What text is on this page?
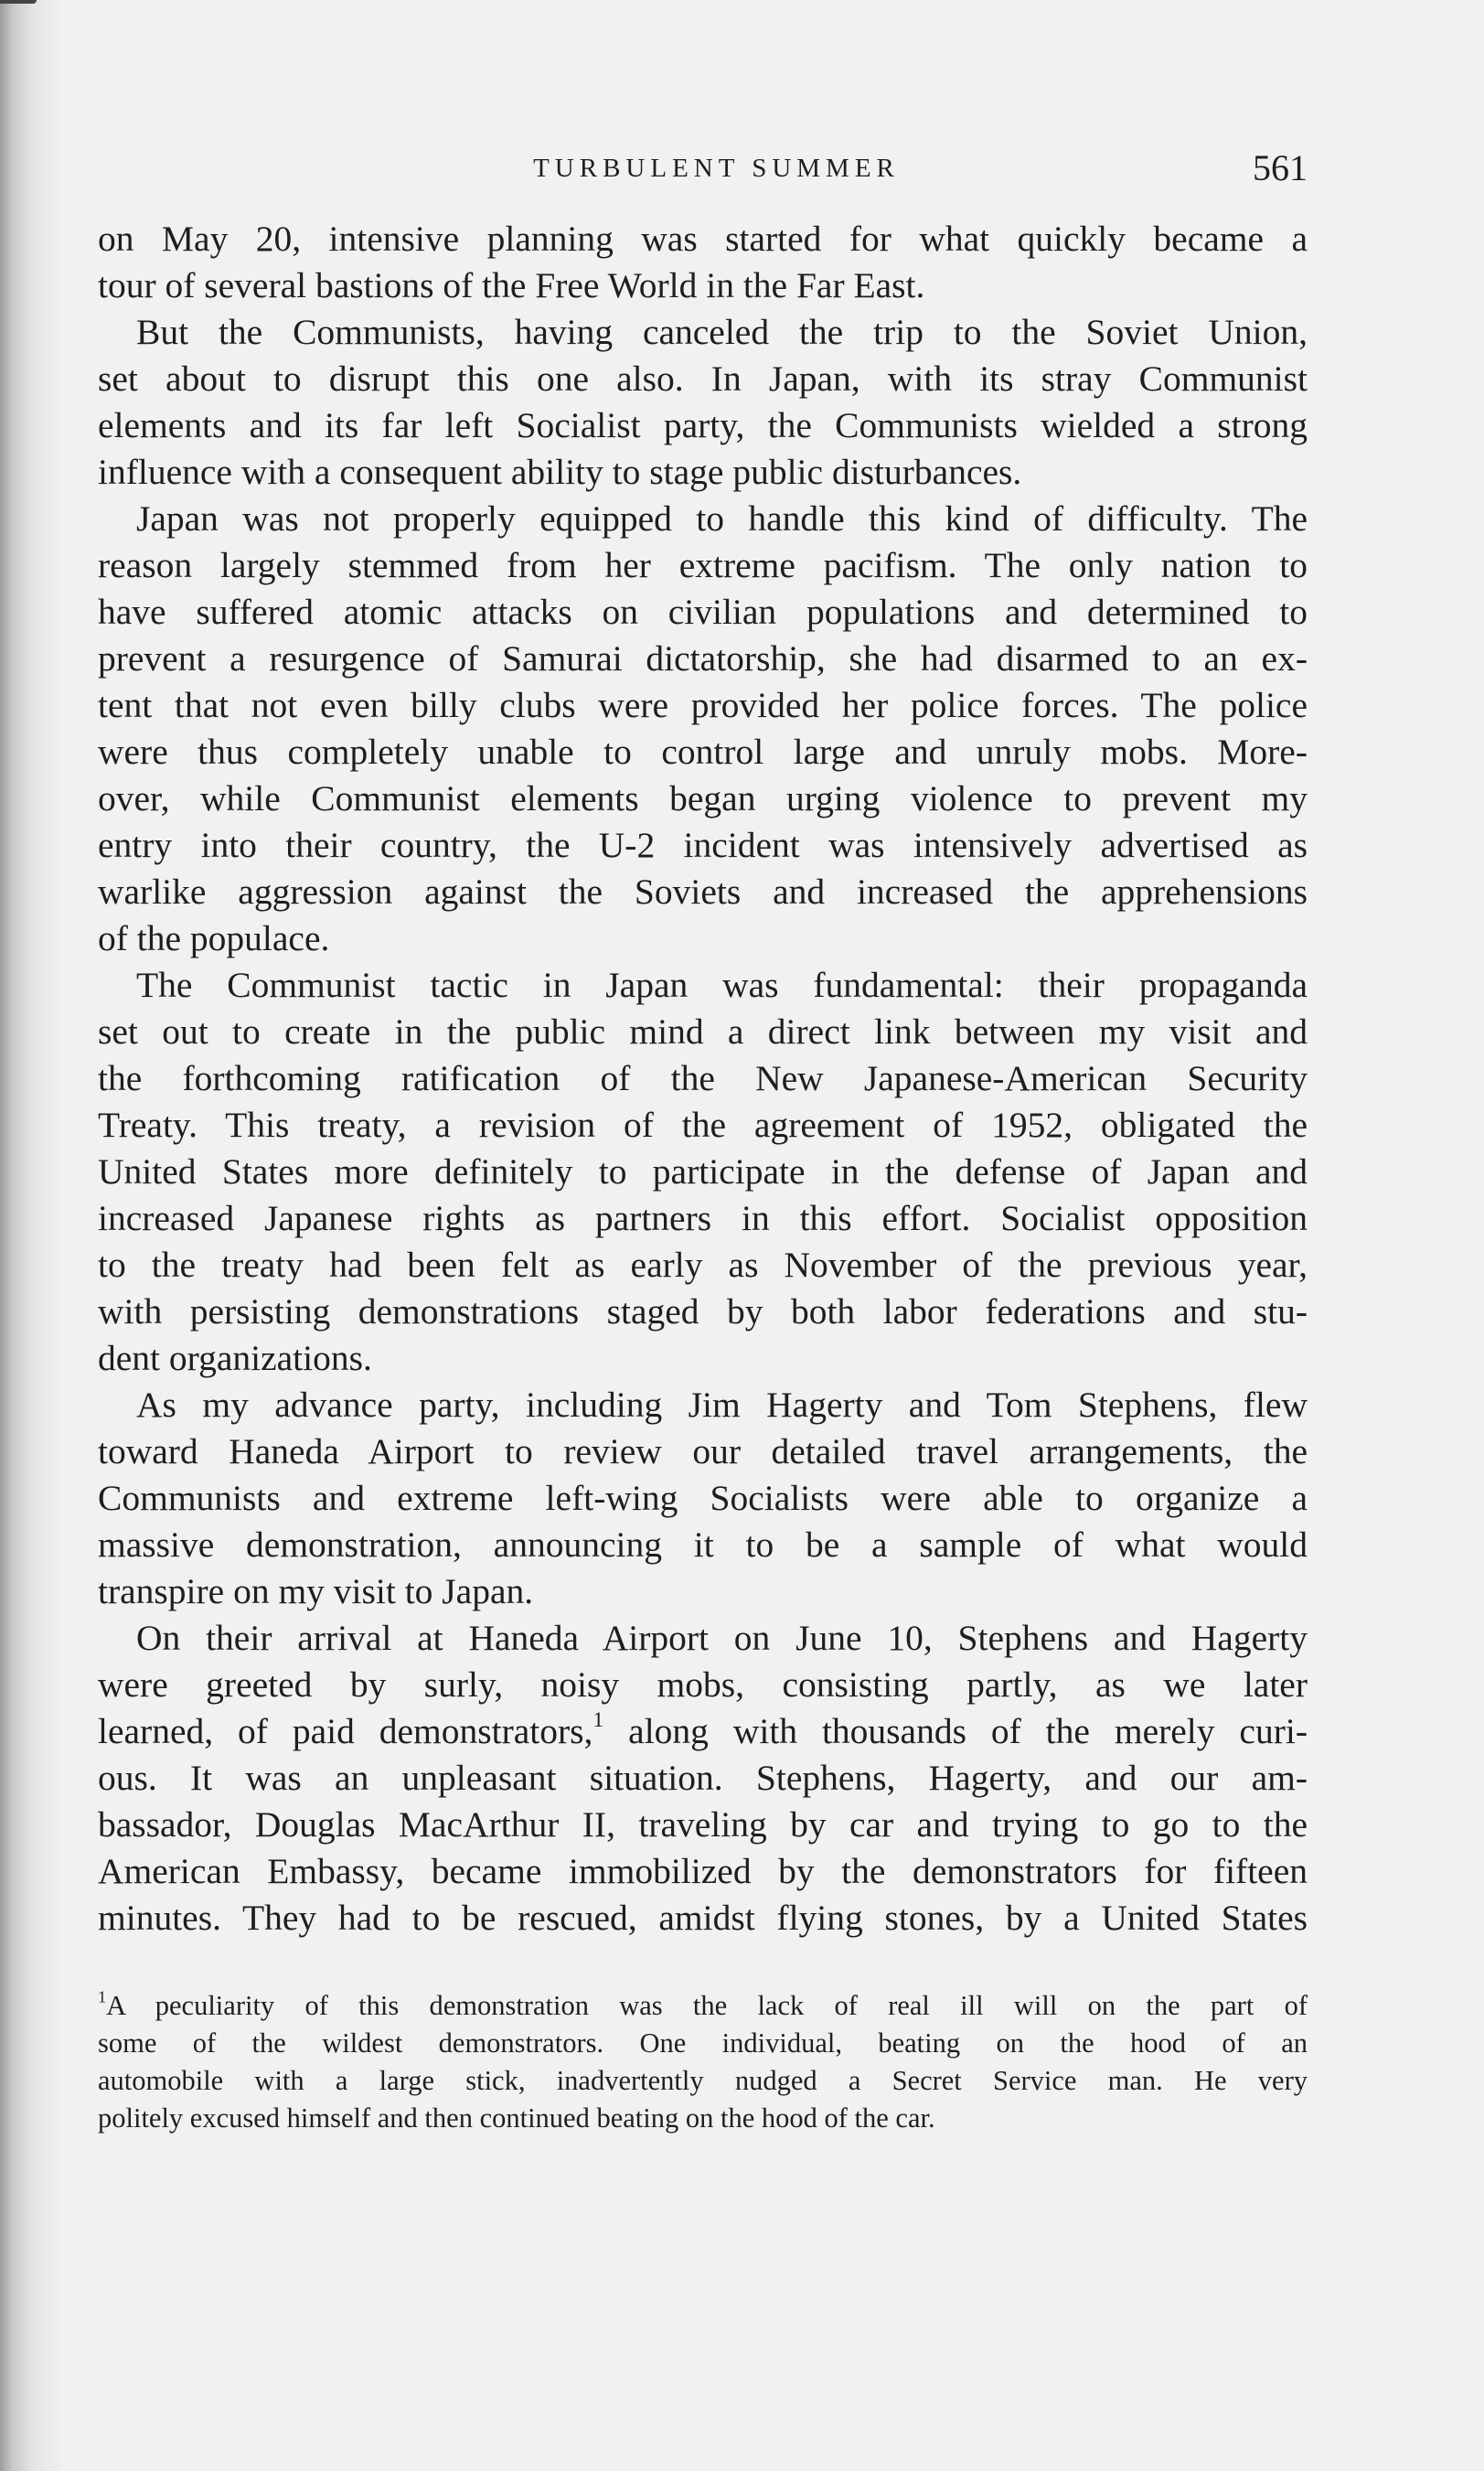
TURBULENT SUMMER	561
on May 20, intensive planning was started for what quickly became a
tour of several bastions of the Free World in the Far East.
But the Communists, having canceled the trip to the Soviet Union,
set about to disrupt this one also. In Japan, with its stray Communist
elements and its far left Socialist party, the Communists wielded a strong
influence with a consequent ability to stage public disturbances.
Japan was not properly equipped to handle this kind of difficulty. The
reason largely stemmed from her extreme pacifism. The only nation to
have suffered atomic attacks on civilian populations and determined to
prevent a resurgence of Samurai dictatorship, she had disarmed to an ex-
tent that not even billy clubs were provided her police forces. The police
were thus completely unable to control large and unruly mobs. More-
over, while Communist elements began urging violence to prevent my
entry into their country, the U-2 incident was intensively advertised as
warlike aggression against the Soviets and increased the apprehensions
of the populace.
The Communist tactic in Japan was fundamental: their propaganda
set out to create in the public mind a direct link between my visit and
the forthcoming ratification of the New Japanese-American Security
Treaty. This treaty, a revision of the agreement of 1952, obligated the
United States more definitely to participate in the defense of Japan and
increased Japanese rights as partners in this effort. Socialist opposition
to the treaty had been felt as early as November of the previous year,
with persisting demonstrations staged by both labor federations and stu-
dent organizations.
As my advance party, including Jim Hagerty and Tom Stephens, flew
toward Haneda Airport to review our detailed travel arrangements, the
Communists and extreme left-wing Socialists were able to organize a
massive demonstration, announcing it to be a sample of what would
transpire on my visit to Japan.
On their arrival at Haneda Airport on June 10, Stephens and Hagerty
were greeted by surly, noisy mobs, consisting partly, as we later
learned, of paid demonstrators,$^1$ along with thousands of the merely curi-
ous. It was an unpleasant situation. Stephens, Hagerty, and our am-
bassador, Douglas MacArthur II, traveling by car and trying to go to the
American Embassy, became immobilized by the demonstrators for fifteen
minutes. They had to be rescued, amidst flying stones, by a United States
$^1$A peculiarity of this demonstration was the lack of real ill will on the part of
some of the wildest demonstrators. One individual, beating on the hood of an
automobile with a large stick, inadvertently nudged a Secret Service man. He very
politely excused himself and then continued beating on the hood of the car.
